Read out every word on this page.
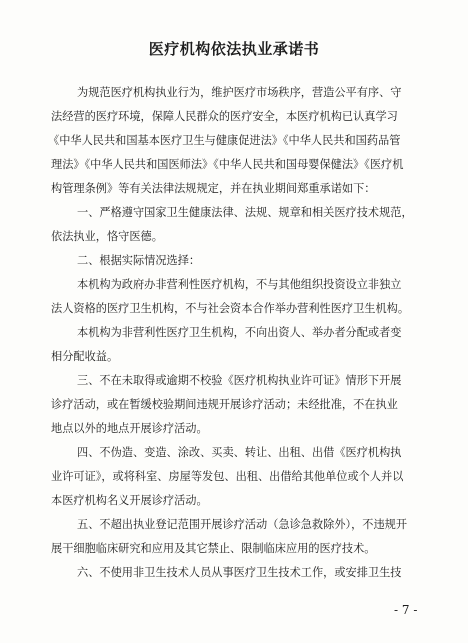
医疗机构依法执业承诺书
为规范医疗机构执业行为，维护医疗市场秩序，营造公平有序、守
法经营的医疗环境，保障人民群众的医疗安全，本医疗机构已认真学习
《中华人民共和国基本医疗卫生与健康促进法》《中华人民共和国药品管
理法》《中华人民共和国医师法》《中华人民共和国母婴保健法》《医疗机
构管理条例》等有关法律法规规定，并在执业期间郑重承诺如下：
一、严格遵守国家卫生健康法律、法规、规章和相关医疗技术规范，
依法执业，恪守医德。
二、根据实际情况选择：
本机构为政府办非营利性医疗机构，不与其他组织投资设立非独立
法人资格的医疗卫生机构，不与社会资本合作举办营利性医疗卫生机构。
本机构为非营利性医疗卫生机构，不向出资人、举办者分配或者变
相分配收益。
三、不在未取得或逾期不校验《医疗机构执业许可证》情形下开展
诊疗活动，或在暂缓校验期间违规开展诊疗活动；未经批准，不在执业
地点以外的地点开展诊疗活动。
四、不伪造、变造、涂改、买卖、转让、出租、出借《医疗机构执
业许可证》，或将科室、房屋等发包、出租、出借给其他单位或个人并以
本医疗机构名义开展诊疗活动。
五、不超出执业登记范围开展诊疗活动（急诊急救除外），不违规开
展干细胞临床研究和应用及其它禁止、限制临床应用的医疗技术。
六、不使用非卫生技术人员从事医疗卫生技术工作，或安排卫生技
- 7 -
